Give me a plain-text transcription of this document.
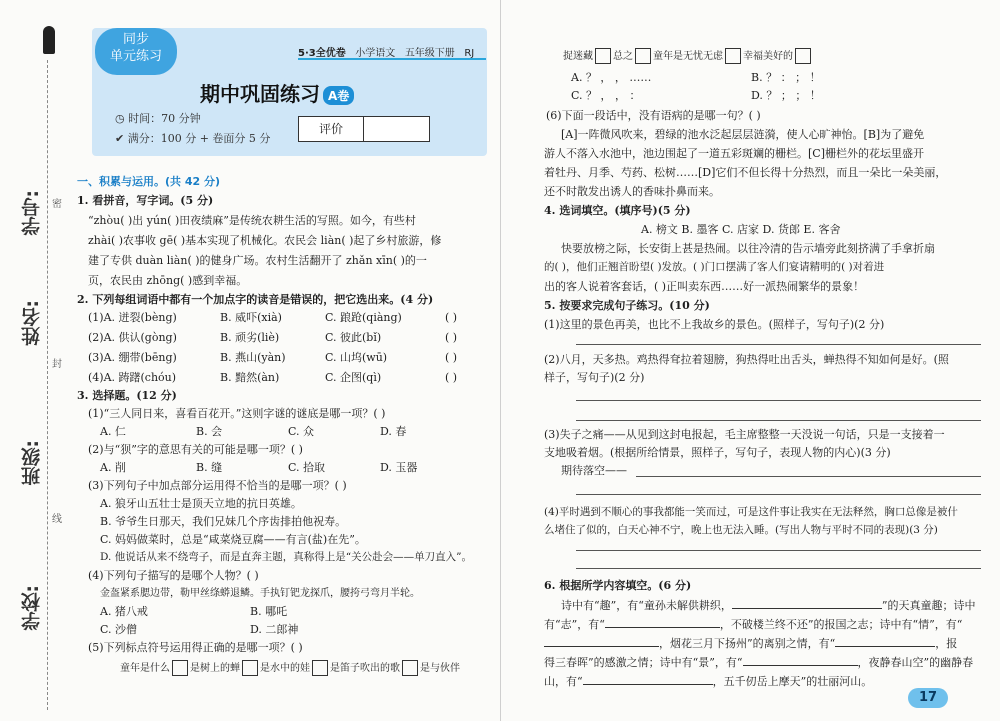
学校:
班级:
姓名:
学号: 密
封
线
同步
单元练习	5·3全优卷 小学语文 五年级下册 RJ
期中巩固练习 A卷
◷ 时间：70 分钟
✔ 满分：100 分 + 卷面分 5 分
评价
一、积累与运用。(共 42 分)
1. 看拼音，写字词。(5 分)
“zhòu( )出 yún( )田夜绩麻”是传统农耕生活的写照。如今，有些村
zhài( )农事收 gē( )基本实现了机械化。农民会 liàn( )起了乡村旅游，修
建了专供 duàn liàn( )的健身广场。农村生活翻开了 zhǎn xīn( )的一
页，农民由 zhōng( )感到幸福。
2. 下列每组词语中都有一个加点字的读音是错误的，把它选出来。(4 分)
(1)A. 迸裂(bèng)	B. 威吓(xià)	C. 踉跄(qiàng)	( )
(2)A. 供认(gòng)	B. 顽劣(liè)	C. 彼此(bǐ)	( )
(3)A. 绷带(bēng)	B. 燕山(yàn)	C. 山坞(wū)	( )
(4)A. 踌躇(chóu)	B. 黯然(àn)	C. 企图(qì)	( )
3. 选择题。(12 分)
(1)“三人同日来，喜看百花开。”这则字谜的谜底是哪一项？( )
A. 仁	B. 会	C. 众	D. 春
(2)与“狈”字的意思有关的可能是哪一项？( )
A. 削	B. 缝	C. 拾取	D. 玉器
(3)下列句子中加点部分运用得不恰当的是哪一项？( )
A. 狼牙山五壮士是顶天立地的抗日英雄。
B. 爷爷生日那天，我们兄妹几个序齿排拍他祝寿。
C. 妈妈做菜时，总是“咸菜烧豆腐——有言(盐)在先”。
D. 他说话从来不绕弯子，而是直奔主题，真称得上是“关公赴会——单刀直入”。
(4)下列句子描写的是哪个人物？( )
金盔紧系腮边带，勒甲丝绦蟒退鳞。手执钉钯龙探爪，腰挎弓弯月半轮。
A. 猪八戒	B. 哪吒
C. 沙僧	D. 二郎神
(5)下列标点符号运用得正确的是哪一项？( )
童年是什么 是树上的蝉 是水中的娃 是笛子吹出的歌 是与伙伴
捉迷藏 总之 童年是无忧无虑 幸福美好的
A. ？ ， ， ……	B. ？ ： ； ！
C. ？ ， ， ：	D. ？ ； ； ！
(6)下面一段话中，没有语病的是哪一句？( )
[A]一阵微风吹来，碧绿的池水泛起层层涟漪，使人心旷神怡。[B]为了避免
游人不落入水池中，池边围起了一道五彩斑斓的栅栏。[C]栅栏外的花坛里盛开
着牡丹、月季、芍药、松树……[D]它们不但长得十分热烈，而且一朵比一朵美丽，
还不时散发出诱人的香味扑鼻而来。
4. 选词填空。(填序号)(5 分)
A. 榜文 B. 墨客 C. 店家 D. 货郎 E. 客舍
快要放榜之际，长安街上甚是热闹。以往冷清的告示墙旁此刻挤满了手拿折扇
的( )，他们正翘首盼望( )发放。( )门口摆满了客人们宴请精明的( )对着进
出的客人说着客套话，( )正叫卖东西……好一派热闹繁华的景象！
5. 按要求完成句子练习。(10 分)
(1)这里的景色再美，也比不上我故乡的景色。(照样子，写句子)(2 分)
(2)八月，天多热。鸡热得耷拉着翅膀，狗热得吐出舌头，蝉热得不知如何是好。(照
样子，写句子)(2 分)
(3)失子之痛——从见到这封电报起，毛主席整整一天没说一句话，只是一支接着一
支地吸着烟。(根据所给情景，照样子，写句子，表现人物的内心)(3 分)
期待落空——
(4)平时遇到不顺心的事我都能一笑而过，可是这件事让我实在无法释然，胸口总像是被什
么堵住了似的，白天心神不宁，晚上也无法入睡。(写出人物与平时不同的表现)(3 分)
6. 根据所学内容填空。(6 分)
诗中有“趣”，有“童孙未解供耕织，	”的天真童趣；诗中
有“志”，有“	，不破楼兰终不还”的报国之志；诗中有“情”，有“
，烟花三月下扬州”的离别之情，有“	，报
得三春晖”的感激之情；诗中有“景”，有“	，夜静春山空”的幽静春
山，有“	，五千仞岳上摩天”的壮丽河山。
17
